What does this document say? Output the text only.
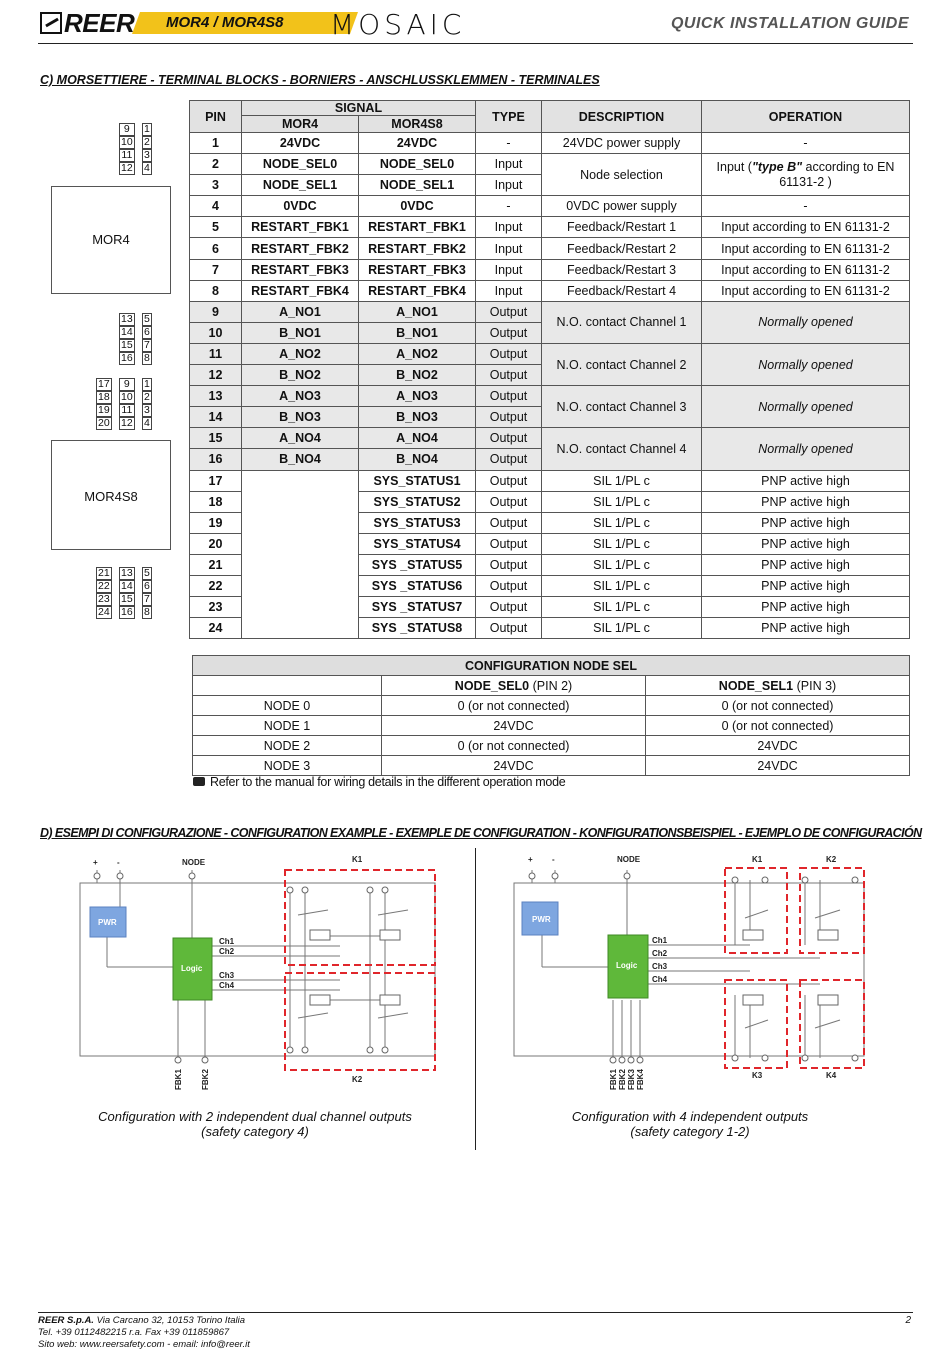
REER MOR4 / MOR4S8 MOSAIC	QUICK INSTALLATION GUIDE
C) MORSETTIERE - TERMINAL BLOCKS - BORNIERS - ANSCHLUSSKLEMMEN - TERMINALES
9
10
11
12
1
2
3
4
MOR4
13
14
15
16
5
6
7
8
17
18
19
20
9
10
11
12
1
2
3
4
MOR4S8
21
22
23
24
13
14
15
16
5
6
7
8
PIN	SIGNAL		TYPE	DESCRIPTION	OPERATION
	MOR4	MOR4S8			
1	24VDC	24VDC	-	24VDC power supply	-
2	NODE_SEL0	NODE_SEL0	Input	Node selection	Input ("type B" according to EN 61131-2 )
3	NODE_SEL1	NODE_SEL1	Input		
4	0VDC	0VDC	-	0VDC power supply	-
5	RESTART_FBK1	RESTART_FBK1	Input	Feedback/Restart 1	Input according to EN 61131-2
6	RESTART_FBK2	RESTART_FBK2	Input	Feedback/Restart 2	Input according to EN 61131-2
7	RESTART_FBK3	RESTART_FBK3	Input	Feedback/Restart 3	Input according to EN 61131-2
8	RESTART_FBK4	RESTART_FBK4	Input	Feedback/Restart 4	Input according to EN 61131-2
9	A_NO1	A_NO1	Output	N.O. contact Channel 1	Normally opened
10	B_NO1	B_NO1	Output		
11	A_NO2	A_NO2	Output	N.O. contact Channel 2	Normally opened
12	B_NO2	B_NO2	Output		
13	A_NO3	A_NO3	Output	N.O. contact Channel 3	Normally opened
14	B_NO3	B_NO3	Output		
15	A_NO4	A_NO4	Output	N.O. contact Channel 4	Normally opened
16	B_NO4	B_NO4	Output		
17		SYS_STATUS1	Output	SIL 1/PL c	PNP active high
18		SYS_STATUS2	Output	SIL 1/PL c	PNP active high
19		SYS_STATUS3	Output	SIL 1/PL c	PNP active high
20		SYS_STATUS4	Output	SIL 1/PL c	PNP active high
21		SYS _STATUS5	Output	SIL 1/PL c	PNP active high
22		SYS _STATUS6	Output	SIL 1/PL c	PNP active high
23		SYS _STATUS7	Output	SIL 1/PL c	PNP active high
24		SYS _STATUS8	Output	SIL 1/PL c	PNP active high
CONFIGURATION NODE SEL		
	NODE_SEL0 (PIN 2)	NODE_SEL1 (PIN 3)
NODE 0	0 (or not connected)	0 (or not connected)
NODE 1	24VDC	0 (or not connected)
NODE 2	0 (or not connected)	24VDC
NODE 3	24VDC	24VDC
Refer to the manual for wiring details in the different operation mode
D) ESEMPI DI CONFIGURAZIONE - CONFIGURATION EXAMPLE - EXEMPLE DE CONFIGURATION - KONFIGURATIONSBEISPIEL - EJEMPLO DE CONFIGURACIÓN
+ -	NODE
PWR
Logic
Ch1
Ch2
Ch3
Ch4
K1
K2
FBK1 FBK2
+ -	NODE
PWR
Logic
Ch1
Ch2
Ch3
Ch4
K1	K2
K3	K4
FBK1 FBK2 FBK3 FBK4
Configuration with 2 independent dual channel outputs
(safety category 4)
Configuration with 4 independent outputs
(safety category 1-2)
REER S.p.A. Via Carcano 32, 10153 Torino Italia
Tel. +39 0112482215 r.a. Fax +39 011859867
Sito web: www.reersafety.com - email: info@reer.it
2
